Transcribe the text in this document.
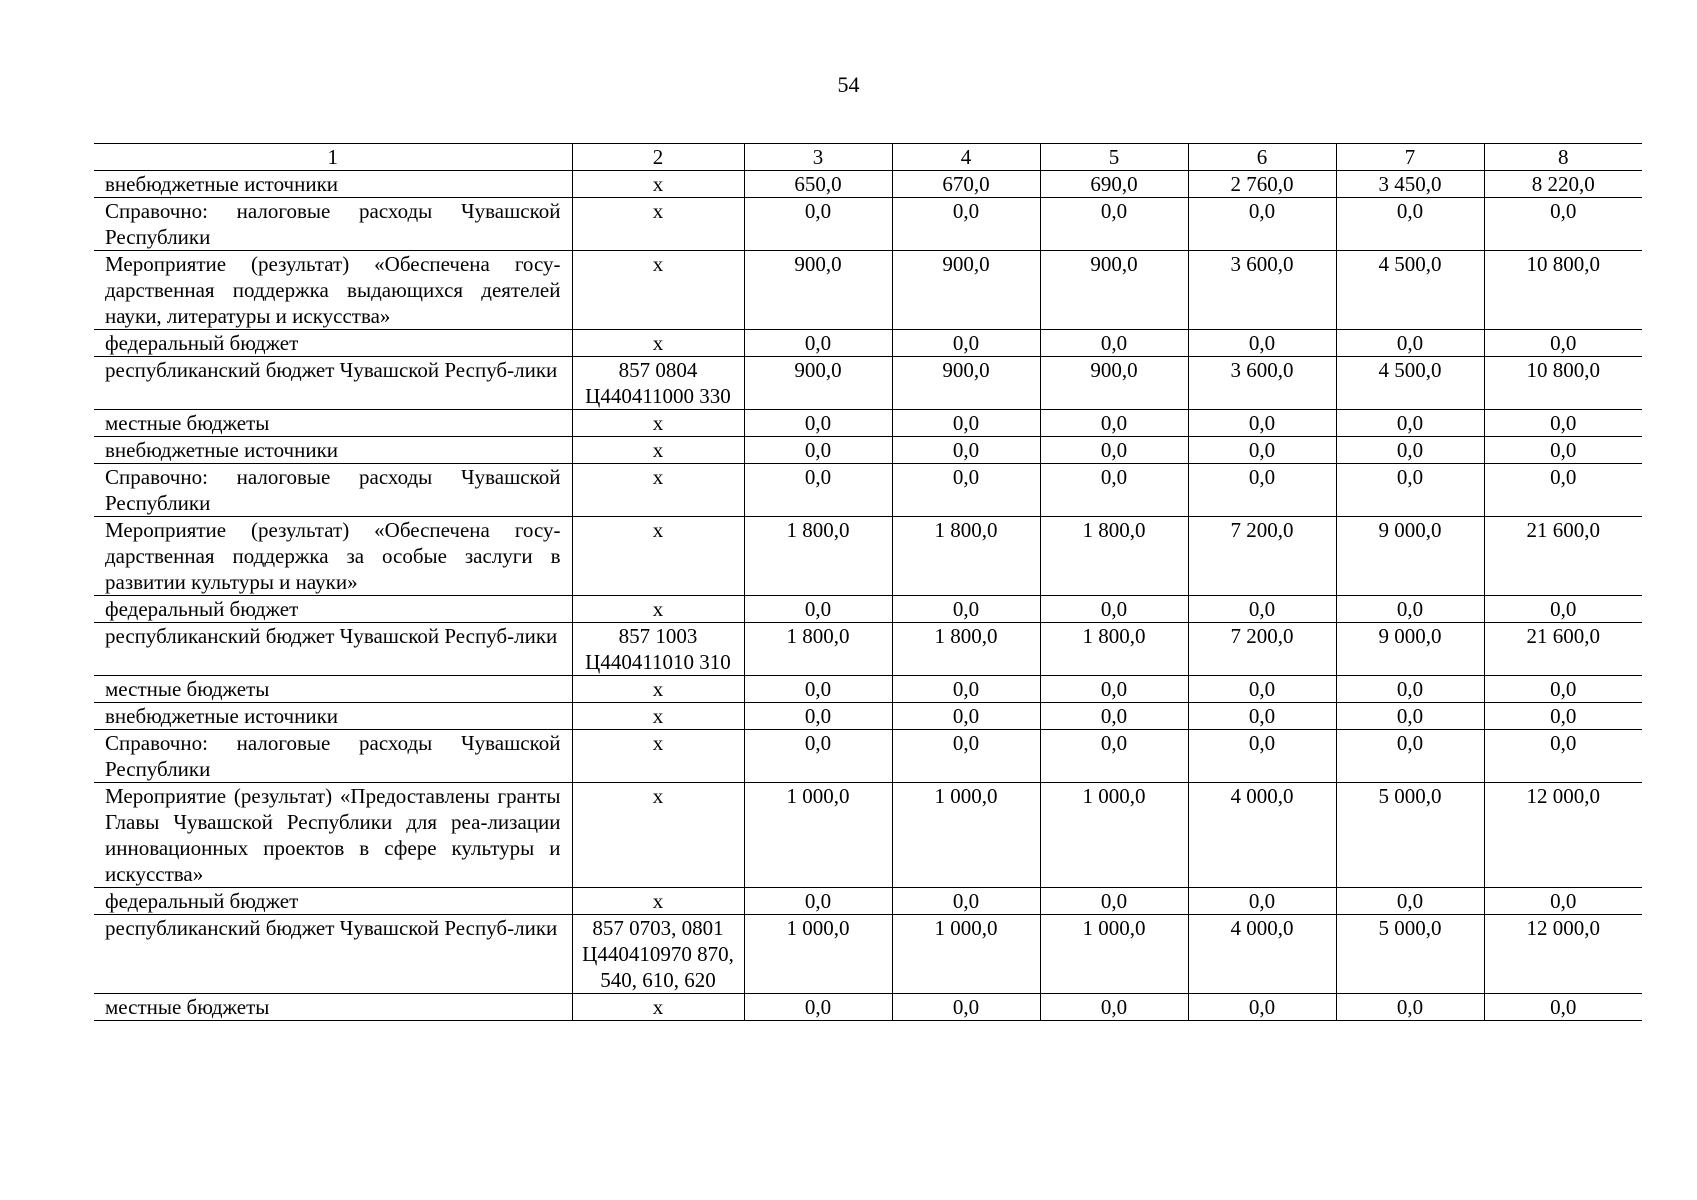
54
1	2	3	4	5	6	7	8
внебюджетные источники	х	650,0	670,0	690,0	2 760,0	3 450,0	8 220,0
Справочно: налоговые расходы Чувашской Республики	х	0,0	0,0	0,0	0,0	0,0	0,0
Мероприятие (результат) «Обеспечена госу-дарственная поддержка выдающихся деятелей науки, литературы и искусства»	х	900,0	900,0	900,0	3 600,0	4 500,0	10 800,0
федеральный бюджет	х	0,0	0,0	0,0	0,0	0,0	0,0
республиканский бюджет Чувашской Респуб-лики	857 0804 Ц440411000 330	900,0	900,0	900,0	3 600,0	4 500,0	10 800,0
местные бюджеты	х	0,0	0,0	0,0	0,0	0,0	0,0
внебюджетные источники	х	0,0	0,0	0,0	0,0	0,0	0,0
Справочно: налоговые расходы Чувашской Республики	х	0,0	0,0	0,0	0,0	0,0	0,0
Мероприятие (результат) «Обеспечена госу-дарственная поддержка за особые заслуги в развитии культуры и науки»	х	1 800,0	1 800,0	1 800,0	7 200,0	9 000,0	21 600,0
федеральный бюджет	х	0,0	0,0	0,0	0,0	0,0	0,0
республиканский бюджет Чувашской Респуб-лики	857 1003 Ц440411010 310	1 800,0	1 800,0	1 800,0	7 200,0	9 000,0	21 600,0
местные бюджеты	х	0,0	0,0	0,0	0,0	0,0	0,0
внебюджетные источники	х	0,0	0,0	0,0	0,0	0,0	0,0
Справочно: налоговые расходы Чувашской Республики	х	0,0	0,0	0,0	0,0	0,0	0,0
Мероприятие (результат) «Предоставлены гранты Главы Чувашской Республики для реа-лизации инновационных проектов в сфере культуры и искусства»	х	1 000,0	1 000,0	1 000,0	4 000,0	5 000,0	12 000,0
федеральный бюджет	х	0,0	0,0	0,0	0,0	0,0	0,0
республиканский бюджет Чувашской Респуб-лики	857 0703, 0801 Ц440410970 870, 540, 610, 620	1 000,0	1 000,0	1 000,0	4 000,0	5 000,0	12 000,0
местные бюджеты	х	0,0	0,0	0,0	0,0	0,0	0,0
